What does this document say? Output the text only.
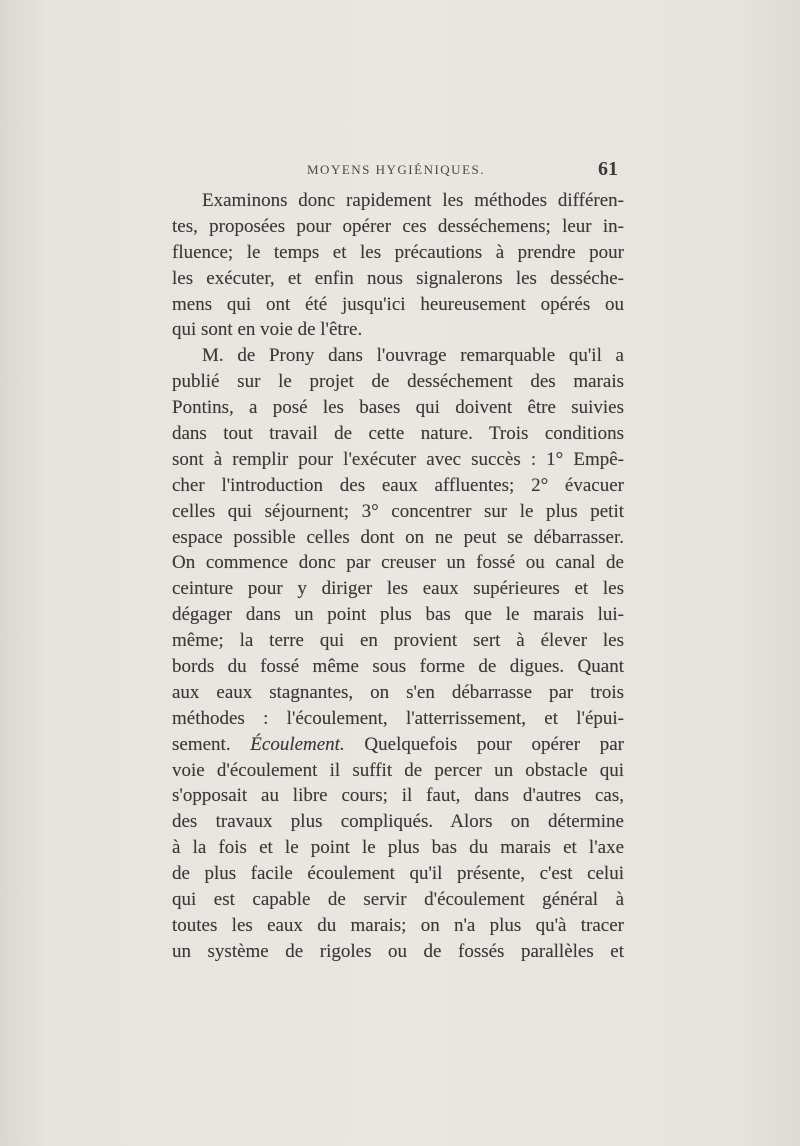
MOYENS HYGIÉNIQUES.	61
Examinons donc rapidement les méthodes différen-
tes, proposées pour opérer ces desséchemens; leur in-
fluence; le temps et les précautions à prendre pour
les exécuter, et enfin nous signalerons les desséche-
mens qui ont été jusqu'ici heureusement opérés ou
qui sont en voie de l'être.
M. de Prony dans l'ouvrage remarquable qu'il a
publié sur le projet de desséchement des marais
Pontins, a posé les bases qui doivent être suivies
dans tout travail de cette nature. Trois conditions
sont à remplir pour l'exécuter avec succès : 1° Empê-
cher l'introduction des eaux affluentes; 2° évacuer
celles qui séjournent; 3° concentrer sur le plus petit
espace possible celles dont on ne peut se débarrasser.
On commence donc par creuser un fossé ou canal de
ceinture pour y diriger les eaux supérieures et les
dégager dans un point plus bas que le marais lui-
même; la terre qui en provient sert à élever les
bords du fossé même sous forme de digues. Quant
aux eaux stagnantes, on s'en débarrasse par trois
méthodes : l'écoulement, l'atterrissement, et l'épui-
sement. Écoulement. Quelquefois pour opérer par
voie d'écoulement il suffit de percer un obstacle qui
s'opposait au libre cours; il faut, dans d'autres cas,
des travaux plus compliqués. Alors on détermine
à la fois et le point le plus bas du marais et l'axe
de plus facile écoulement qu'il présente, c'est celui
qui est capable de servir d'écoulement général à
toutes les eaux du marais; on n'a plus qu'à tracer
un système de rigoles ou de fossés parallèles et
